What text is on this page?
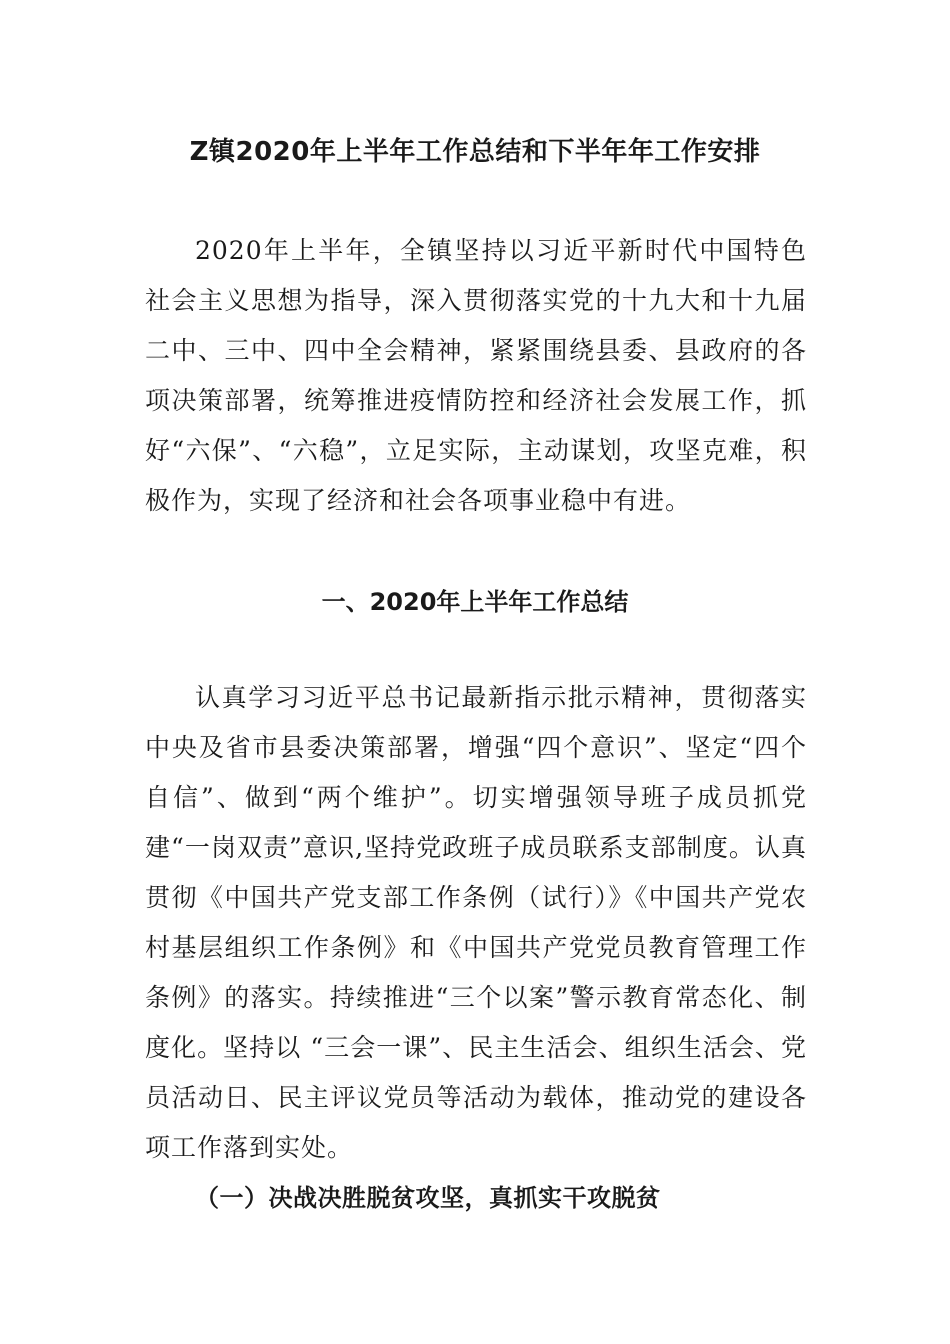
Z镇2020年上半年工作总结和下半年年工作安排

2020年上半年，全镇坚持以习近平新时代中国特色社会主义思想为指导，深入贯彻落实党的十九大和十九届二中、三中、四中全会精神，紧紧围绕县委、县政府的各项决策部署，统筹推进疫情防控和经济社会发展工作，抓好“六保”、“六稳”，立足实际，主动谋划，攻坚克难，积极作为，实现了经济和社会各项事业稳中有进。

一、2020年上半年工作总结

认真学习习近平总书记最新指示批示精神，贯彻落实中央及省市县委决策部署，增强“四个意识”、坚定“四个自信”、做到“两个维护”。切实增强领导班子成员抓党建“一岗双责”意识,坚持党政班子成员联系支部制度。认真贯彻《中国共产党支部工作条例（试行）》《中国共产党农村基层组织工作条例》和《中国共产党党员教育管理工作条例》的落实。持续推进“三个以案”警示教育常态化、制度化。坚持以 “三会一课”、民主生活会、组织生活会、党员活动日、民主评议党员等活动为载体，推动党的建设各项工作落到实处。

（一）决战决胜脱贫攻坚，真抓实干攻脱贫
